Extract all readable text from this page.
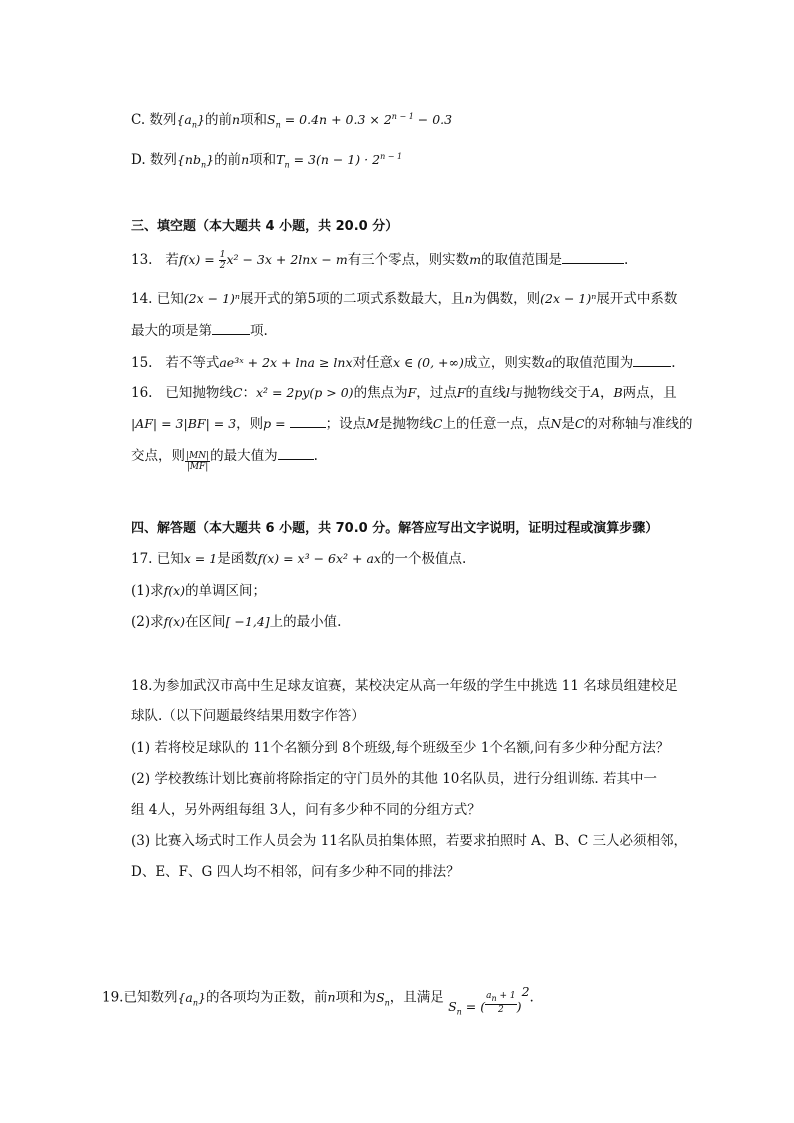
C. 数列$\{a_n\}$的前n项和$S_n = 0.4n + 0.3 \times 2^{n - 1} - 0.3$
D. 数列$\{nb_n\}$的前n项和$T_n = 3(n - 1) \cdot 2^{n - 1}$
三、填空题（本大题共 4 小题，共 20.0 分）
13. 若$f(x) = \frac{1}{2} x^2 - 3x + 2\ln x - m$有三个零点，则实数m的取值范围是	.
14. 已知(2x − 1)ⁿ展开式的第5项的二项式系数最大，且n为偶数，则(2x − 1)ⁿ展开式中系数
最大的项是第	项.
15. 若不等式ae³ˣ + 2x + lna ≥ lnx对任意x ∈ (0, +∞)成立，则实数a的取值范围为	.
16. 已知抛物线C：x² = 2py(p > 0)的焦点为F，过点F的直线l与抛物线交于A，B两点，且
|AF| = 3|BF| = 3，则p =	；设点M是抛物线C上的任意一点，点N是C的对称轴与准线的
交点，则 $\frac{|MN|}{|MF|}$ 的最大值为	.
四、解答题（本大题共 6 小题，共 70.0 分。解答应写出文字说明，证明过程或演算步骤）
17. 已知x = 1是函数f(x) = x³ − 6x² + ax的一个极值点.
(1)求f(x)的单调区间；
(2)求f(x)在区间[ −1,4]上的最小值.
18.为参加武汉市高中生足球友谊赛，某校决定从高一年级的学生中挑选 11 名球员组建校足
球队.（以下问题最终结果用数字作答）
(1) 若将校足球队的 11个名额分到 8个班级,每个班级至少 1个名额,问有多少种分配方法？
(2) 学校教练计划比赛前将除指定的守门员外的其他 10名队员，进行分组训练. 若其中一
组 4人，另外两组每组 3人，问有多少种不同的分组方式？
(3) 比赛入场式时工作人员会为 11名队员拍集体照，若要求拍照时 A、B、C 三人必须相邻，
D、E、F、G 四人均不相邻，问有多少种不同的排法？
19.已知数列$\{a_n\}$的各项均为正数，前n项和为$S_n$，且满足 $S_n$ = ( $\frac{a_n + 1}{2} )^2$.
